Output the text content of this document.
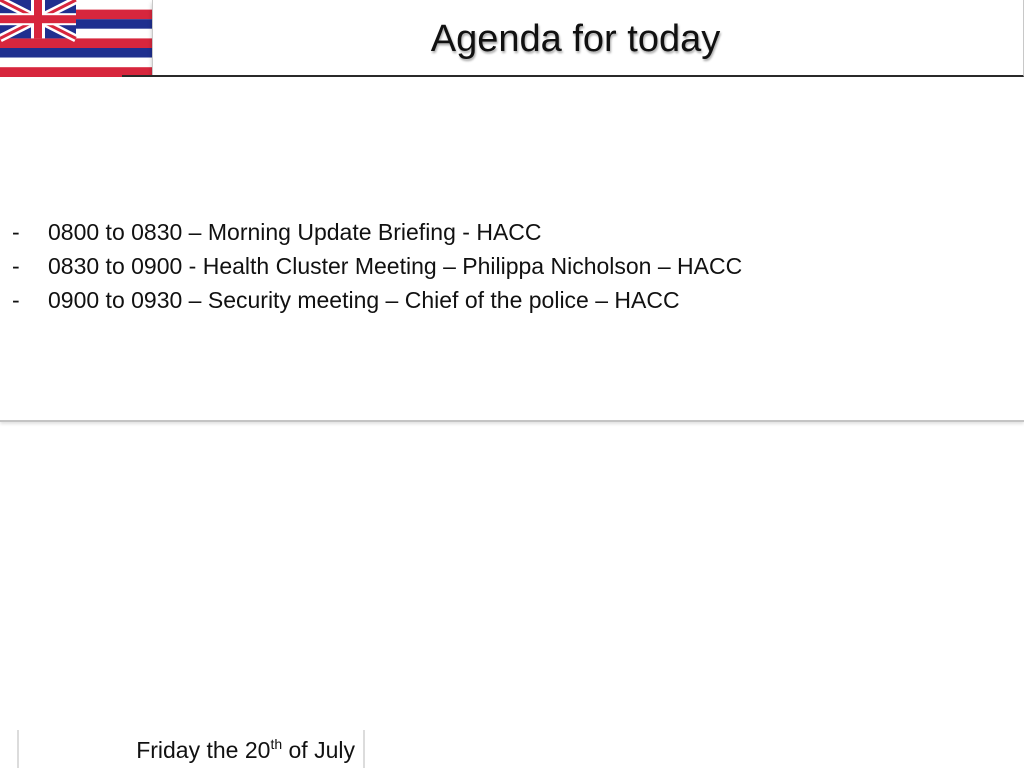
Agenda for today
- 0800 to 0830 – Morning Update Briefing - HACC
- 0830 to 0900 - Health Cluster Meeting – Philippa Nicholson – HACC
- 0900 to 0930 – Security meeting – Chief of the police – HACC
Friday the 20th of July
